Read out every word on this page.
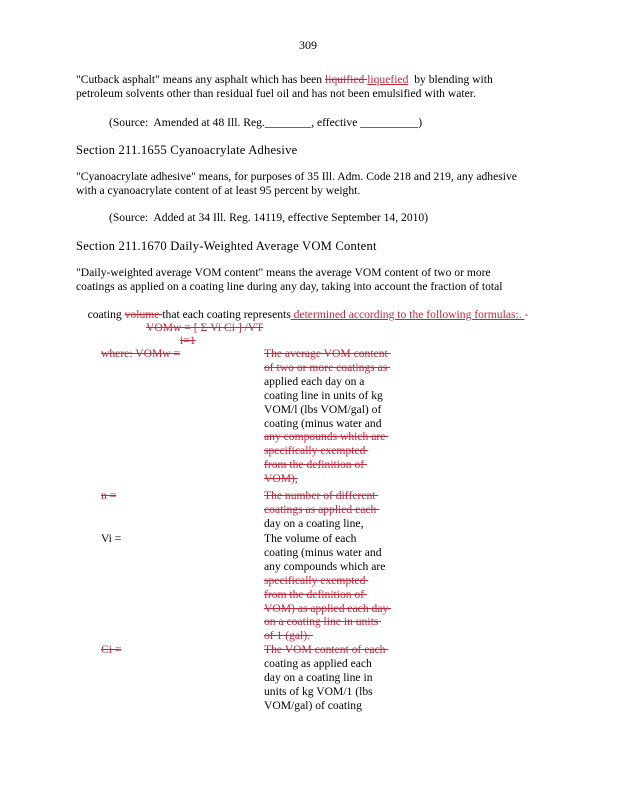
309
"Cutback asphalt" means any asphalt which has been liquified liquefied  by blending with
petroleum solvents other than residual fuel oil and has not been emulsified with water.
(Source:  Amended at 48 Ill. Reg.________, effective __________)
Section 211.1655 Cyanoacrylate Adhesive
"Cyanoacrylate adhesive" means, for purposes of 35 Ill. Adm. Code 218 and 219, any adhesive
with a cyanoacrylate content of at least 95 percent by weight.
(Source:  Added at 34 Ill. Reg. 14119, effective September 14, 2010)
Section 211.1670 Daily-Weighted Average VOM Content
"Daily-weighted average VOM content" means the average VOM content of two or more
coatings as applied on a coating line during any day, taking into account the fraction of total

coating volume that each coating represents determined according to the following formulas:. -

VOMw = [ Σ Vi Ci ] /VT
i=1
where: VOMw =
n =
Vi =
Ci =
The average VOM content
of two or more coatings as
applied each day on a
coating line in units of kg
VOM/l (lbs VOM/gal) of
coating (minus water and
any compounds which are
specifically exempted
from the definition of
VOM),
The number of different
coatings as applied each
day on a coating line,
The volume of each
coating (minus water and
any compounds which are
specifically exempted
from the definition of
VOM) as applied each day
on a coating line in units
of 1 (gal).
The VOM content of each
coating as applied each
day on a coating line in
units of kg VOM/1 (lbs
VOM/gal) of coating
